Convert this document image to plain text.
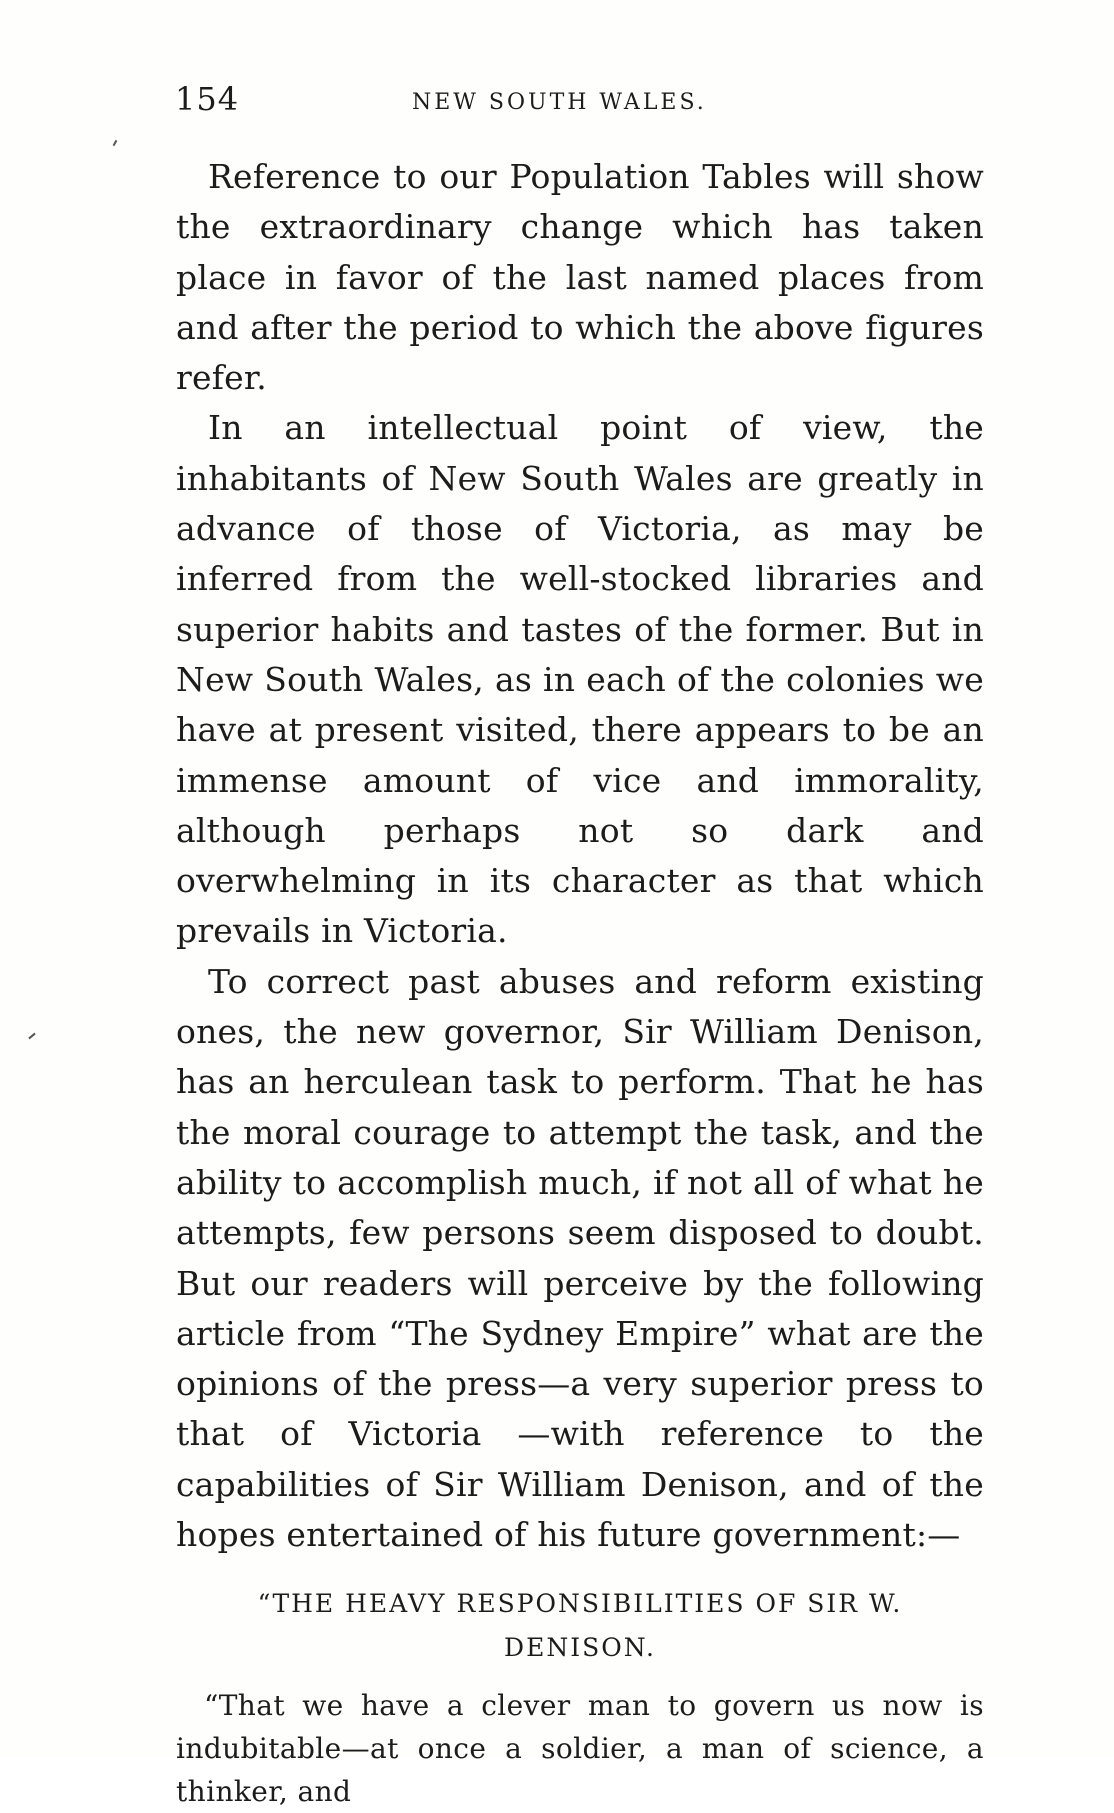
154	NEW SOUTH WALES.

Reference to our Population Tables will show the extraordinary change which has taken place in favor of the last named places from and after the period to which the above figures refer.

In an intellectual point of view, the inhabitants of New South Wales are greatly in advance of those of Victoria, as may be inferred from the well-stocked libraries and superior habits and tastes of the former. But in New South Wales, as in each of the colonies we have at present visited, there appears to be an immense amount of vice and immorality, although perhaps not so dark and overwhelming in its character as that which prevails in Victoria.

To correct past abuses and reform existing ones, the new governor, Sir William Denison, has an herculean task to perform. That he has the moral courage to attempt the task, and the ability to accomplish much, if not all of what he attempts, few persons seem disposed to doubt. But our readers will perceive by the following article from “The Sydney Empire” what are the opinions of the press—a very superior press to that of Victoria —with reference to the capabilities of Sir William Denison, and of the hopes entertained of his future government:—

“THE HEAVY RESPONSIBILITIES OF SIR W. DENISON.

“That we have a clever man to govern us now is indubitable—at once a soldier, a man of science, a thinker, and
